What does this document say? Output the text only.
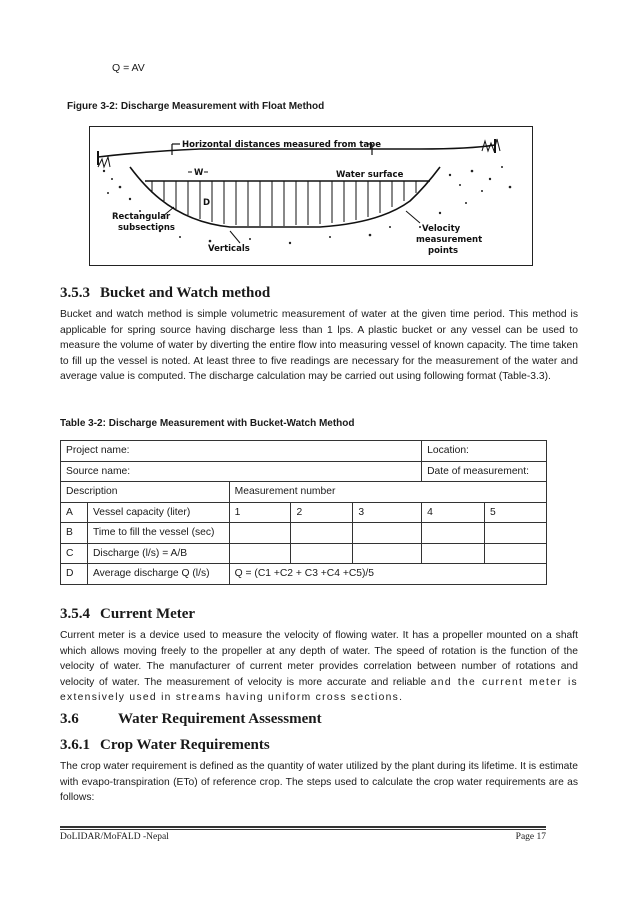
Q = AV
Figure 3-2: Discharge Measurement with Float Method
Horizontal distances measured from tape
Water surface
W
D
Rectangular
subsections
Verticals
Velocity
measurement
points
3.5.3 Bucket and Watch method
Bucket and watch method is simple volumetric measurement of water at the given time period. This method is applicable for spring source having discharge less than 1 lps. A plastic bucket or any vessel can be used to measure the volume of water by diverting the entire flow into measuring vessel of known capacity. The time taken to fill up the vessel is noted. At least three to five readings are necessary for the measurement of the water and average value is computed. The discharge calculation may be carried out using following format (Table-3.3).
Table 3-2: Discharge Measurement with Bucket-Watch Method
Project name:					Location:	
Source name:					Date of measurement:	
Description		Measurement number				
A	Vessel capacity (liter)	1	2	3	4	5
B	Time to fill the vessel (sec)					
C	Discharge (l/s) = A/B					
D	Average discharge Q (l/s)	Q = (C1 +C2 + C3 +C4 +C5)/5				
3.5.4 Current Meter
Current meter is a device used to measure the velocity of flowing water. It has a propeller mounted on a shaft which allows moving freely to the propeller at any depth of water. The speed of rotation is the function of the velocity of water. The manufacturer of current meter provides correlation between number of rotations and velocity of water. The measurement of velocity is more accurate and reliable and the current meter is extensively used in streams having uniform cross sections.
3.6	Water Requirement Assessment
3.6.1 Crop Water Requirements
The crop water requirement is defined as the quantity of water utilized by the plant during its lifetime. It is estimate with evapo-transpiration (ETo) of reference crop. The steps used to calculate the crop water requirements are as follows:
DoLIDAR/MoFALD -Nepal	Page 17
